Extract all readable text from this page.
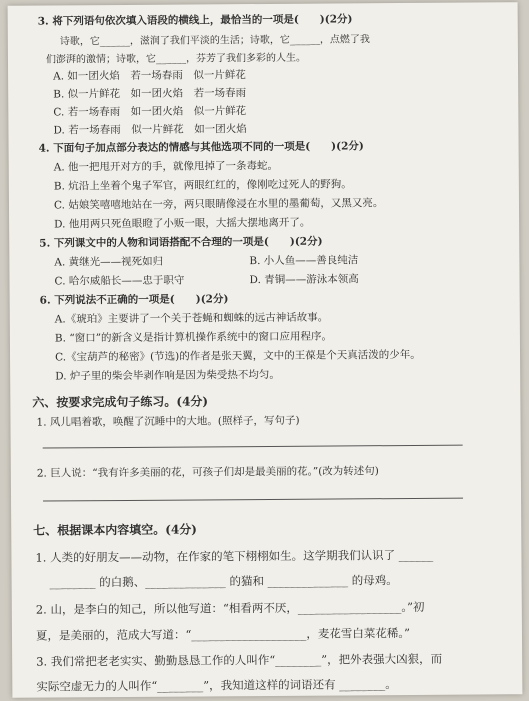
3. 将下列语句依次填入语段的横线上，最恰当的一项是(　　)(2分)
诗歌，它______，滋润了我们平淡的生活；诗歌，它______，点燃了我
们澎湃的激情；诗歌，它______，芬芳了我们多彩的人生。
A. 如一团火焰　若一场春雨　似一片鲜花
B. 似一片鲜花　如一团火焰　若一场春雨
C. 若一场春雨　如一团火焰　似一片鲜花
D. 若一场春雨　似一片鲜花　如一团火焰
4. 下面句子加点部分表达的情感与其他选项不同的一项是(　　)(2分)
A. 他一把甩开对方的手，就像甩掉了一条毒蛇。
B. 炕沿上坐着个鬼子军官，两眼红红的，像刚吃过死人的野狗。
C. 姑娘笑嘻嘻地站在一旁，两只眼睛像浸在水里的墨葡萄，又黑又亮。
D. 他用两只死鱼眼瞪了小贩一眼，大摇大摆地离开了。
5. 下列课文中的人物和词语搭配不合理的一项是(　　)(2分)
A. 黄继光——视死如归	B. 小人鱼——善良纯洁
C. 哈尔威船长——忠于职守	D. 青铜——游泳本领高
6. 下列说法不正确的一项是(　　)(2分)
A.《琥珀》主要讲了一个关于苍蝇和蜘蛛的远古神话故事。
B. “窗口”的新含义是指计算机操作系统中的窗口应用程序。
C.《宝葫芦的秘密》(节选)的作者是张天翼，文中的王葆是个天真活泼的少年。
D. 炉子里的柴会毕剥作响是因为柴受热不均匀。
六、按要求完成句子练习。(4分)
1. 风儿唱着歌，唤醒了沉睡中的大地。(照样子，写句子)
2. 巨人说：“我有许多美丽的花，可孩子们却是最美丽的花。”(改为转述句)
七、根据课本内容填空。(4分)
1. 人类的好朋友——动物，在作家的笔下栩栩如生。这学期我们认识了 ______
________ 的白鹅、______________ 的猫和 ______________ 的母鸡。
2. 山，是李白的知己，所以他写道：“相看两不厌，__________________。”初
夏，是美丽的，范成大写道：“____________________，麦花雪白菜花稀。”
3. 我们常把老老实实、勤勤恳恳工作的人叫作“________”，把外表强大凶狠，而
实际空虚无力的人叫作“________”，我知道这样的词语还有 ________。
